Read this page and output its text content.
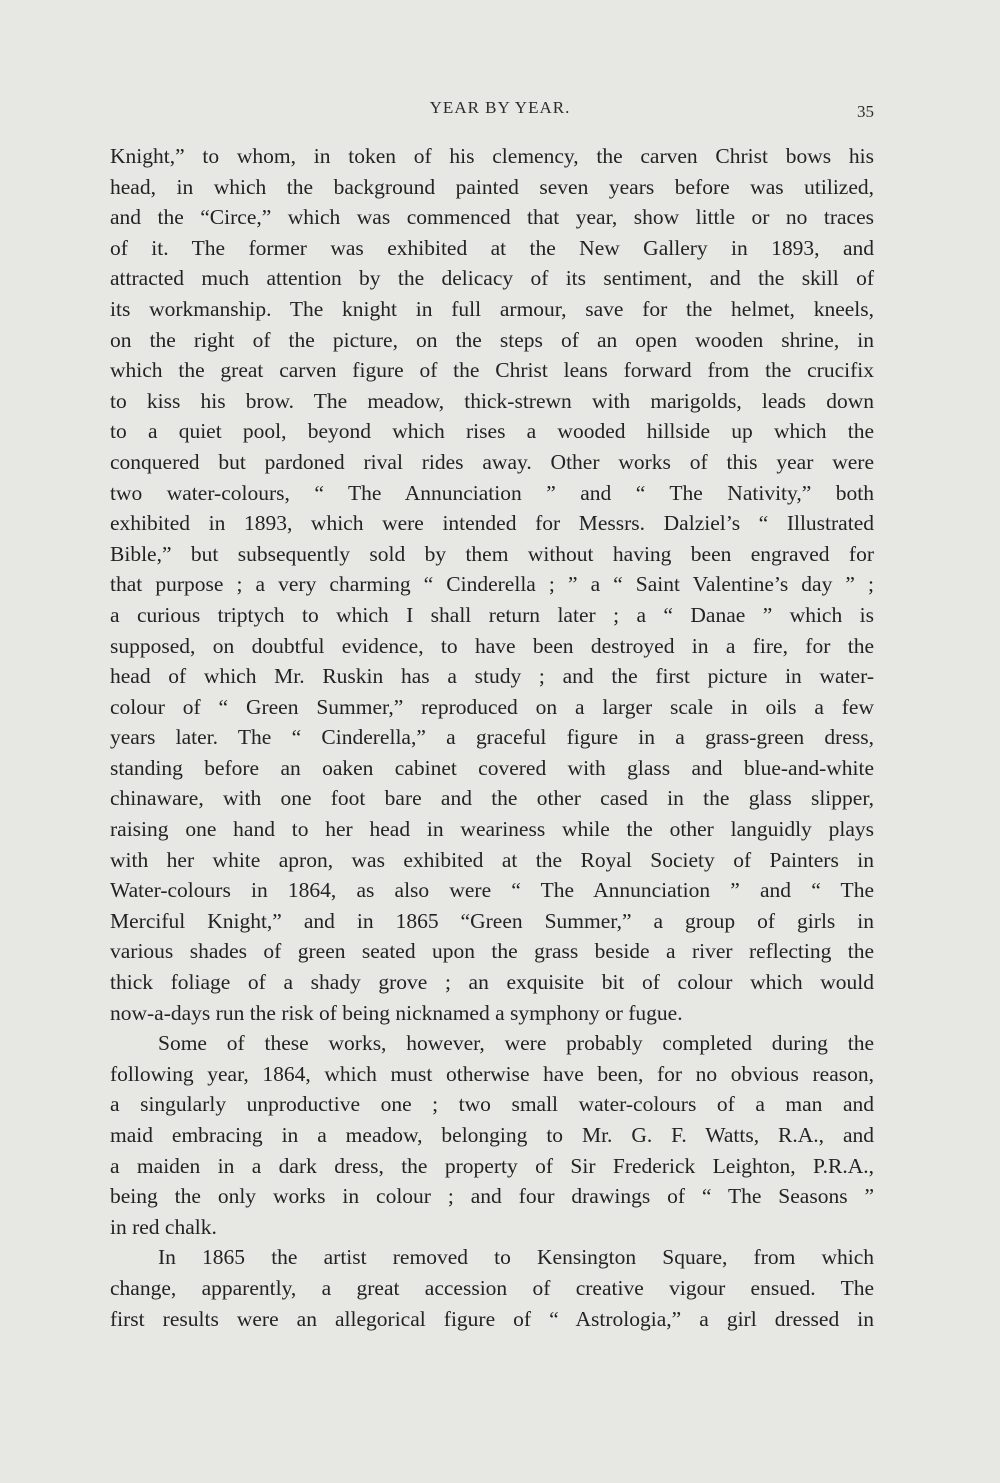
YEAR BY YEAR.	35
Knight,” to whom, in token of his clemency, the carven Christ bows his
head, in which the background painted seven years before was utilized,
and the “Circe,” which was commenced that year, show little or no traces
of it. The former was exhibited at the New Gallery in 1893, and
attracted much attention by the delicacy of its sentiment, and the skill of
its workmanship. The knight in full armour, save for the helmet, kneels,
on the right of the picture, on the steps of an open wooden shrine, in
which the great carven figure of the Christ leans forward from the crucifix
to kiss his brow. The meadow, thick-strewn with marigolds, leads down
to a quiet pool, beyond which rises a wooded hillside up which the
conquered but pardoned rival rides away. Other works of this year were
two water-colours, “ The Annunciation ” and “ The Nativity,” both
exhibited in 1893, which were intended for Messrs. Dalziel’s “ Illustrated
Bible,” but subsequently sold by them without having been engraved for
that purpose ; a very charming “ Cinderella ; ” a “ Saint Valentine’s day ” ;
a curious triptych to which I shall return later ; a “ Danae ” which is
supposed, on doubtful evidence, to have been destroyed in a fire, for the
head of which Mr. Ruskin has a study ; and the first picture in water-
colour of “ Green Summer,” reproduced on a larger scale in oils a few
years later. The “ Cinderella,” a graceful figure in a grass-green dress,
standing before an oaken cabinet covered with glass and blue-and-white
chinaware, with one foot bare and the other cased in the glass slipper,
raising one hand to her head in weariness while the other languidly plays
with her white apron, was exhibited at the Royal Society of Painters in
Water-colours in 1864, as also were “ The Annunciation ” and “ The
Merciful Knight,” and in 1865 “Green Summer,” a group of girls in
various shades of green seated upon the grass beside a river reflecting the
thick foliage of a shady grove ; an exquisite bit of colour which would
now-a-days run the risk of being nicknamed a symphony or fugue.
Some of these works, however, were probably completed during the
following year, 1864, which must otherwise have been, for no obvious reason,
a singularly unproductive one ; two small water-colours of a man and
maid embracing in a meadow, belonging to Mr. G. F. Watts, R.A., and
a maiden in a dark dress, the property of Sir Frederick Leighton, P.R.A.,
being the only works in colour ; and four drawings of “ The Seasons ”
in red chalk.
In 1865 the artist removed to Kensington Square, from which
change, apparently, a great accession of creative vigour ensued. The
first results were an allegorical figure of “ Astrologia,” a girl dressed in
